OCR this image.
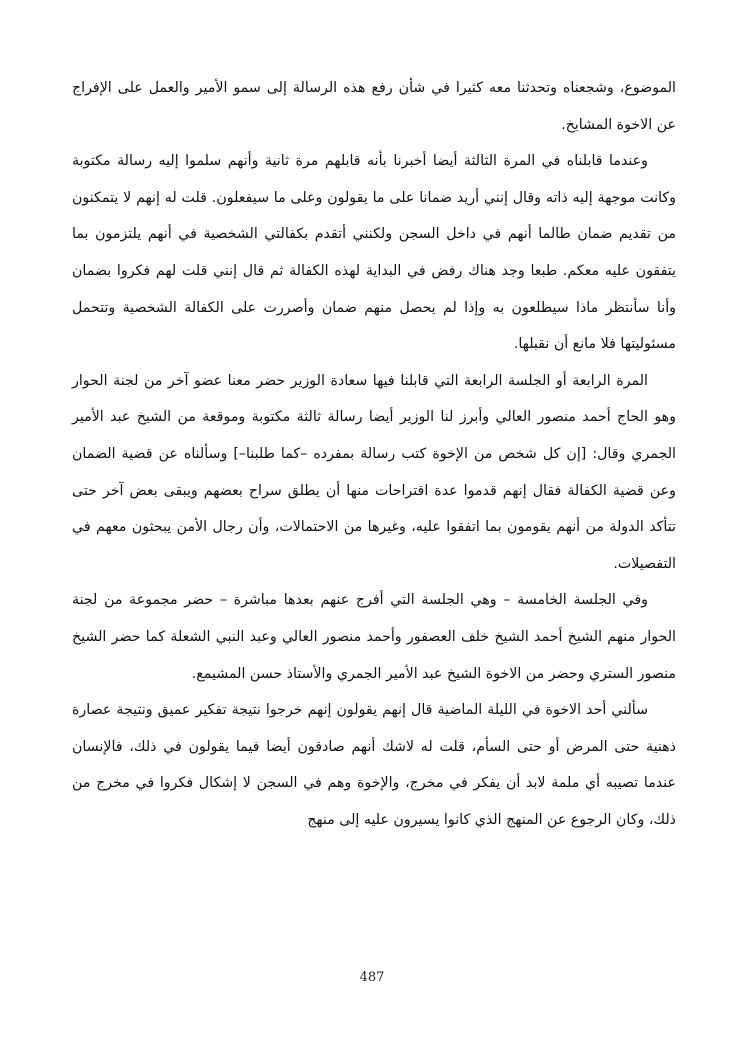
الموضوع، وشجعناه وتحدثنا معه كثيرا في شأن رفع هذه الرسالة إلى سمو الأمير والعمل على الإفراج عن الاخوة المشايخ.

وعندما قابلناه في المرة الثالثة أيضا أخبرنا بأنه قابلهم مرة ثانية وأنهم سلموا إليه رسالة مكتوبة وكانت موجهة إليه ذاته وقال إنني أريد ضمانا على ما يقولون وعلى ما سيفعلون. قلت له إنهم لا يتمكنون من تقديم ضمان طالما أنهم في داخل السجن ولكنني أتقدم بكفالتي الشخصية في أنهم يلتزمون بما يتفقون عليه معكم. طبعا وجد هناك رفض في البداية لهذه الكفالة ثم قال إنني قلت لهم فكروا بضمان وأنا سأنتظر ماذا سيطلعون به وإذا لم يحصل منهم ضمان وأصررت على الكفالة الشخصية وتتحمل مسئوليتها فلا مانع أن نقبلها.

المرة الرابعة أو الجلسة الرابعة التي قابلنا فيها سعادة الوزير حضر معنا عضو آخر من لجنة الحوار وهو الحاج أحمد منصور العالي وأبرز لنا الوزير أيضا رسالة ثالثة مكتوبة وموقعة من الشيخ عبد الأمير الجمري وقال: [إن كل شخص من الإخوة كتب رسالة بمفرده –كما طلبنا–] وسألناه عن قضية الضمان وعن قضية الكفالة فقال إنهم قدموا عدة اقتراحات منها أن يطلق سراح بعضهم ويبقى بعض آخر حتى تتأكد الدولة من أنهم يقومون بما اتفقوا عليه، وغيرها من الاحتمالات، وأن رجال الأمن يبحثون معهم في التفصيلات.

وفي الجلسة الخامسة – وهي الجلسة التي أفرج عنهم بعدها مباشرة – حضر مجموعة من لجنة الحوار منهم الشيخ أحمد الشيخ خلف العصفور وأحمد منصور العالي وعبد النبي الشعلة كما حضر الشيخ منصور الستري وحضر من الاخوة الشيخ عبد الأمير الجمري والأستاذ حسن المشيمع.

سألني أحد الاخوة في الليلة الماضية قال إنهم يقولون إنهم خرجوا نتيجة تفكير عميق ونتيجة عصارة ذهنية حتى المرض أو حتى السأم، قلت له لاشك أنهم صادقون أيضا فيما يقولون في ذلك، فالإنسان عندما تصيبه أي ملمة لابد أن يفكر في مخرج، والإخوة وهم في السجن لا إشكال فكروا في مخرج من ذلك، وكان الرجوع عن المنهج الذي كانوا يسيرون عليه إلى منهج

487
